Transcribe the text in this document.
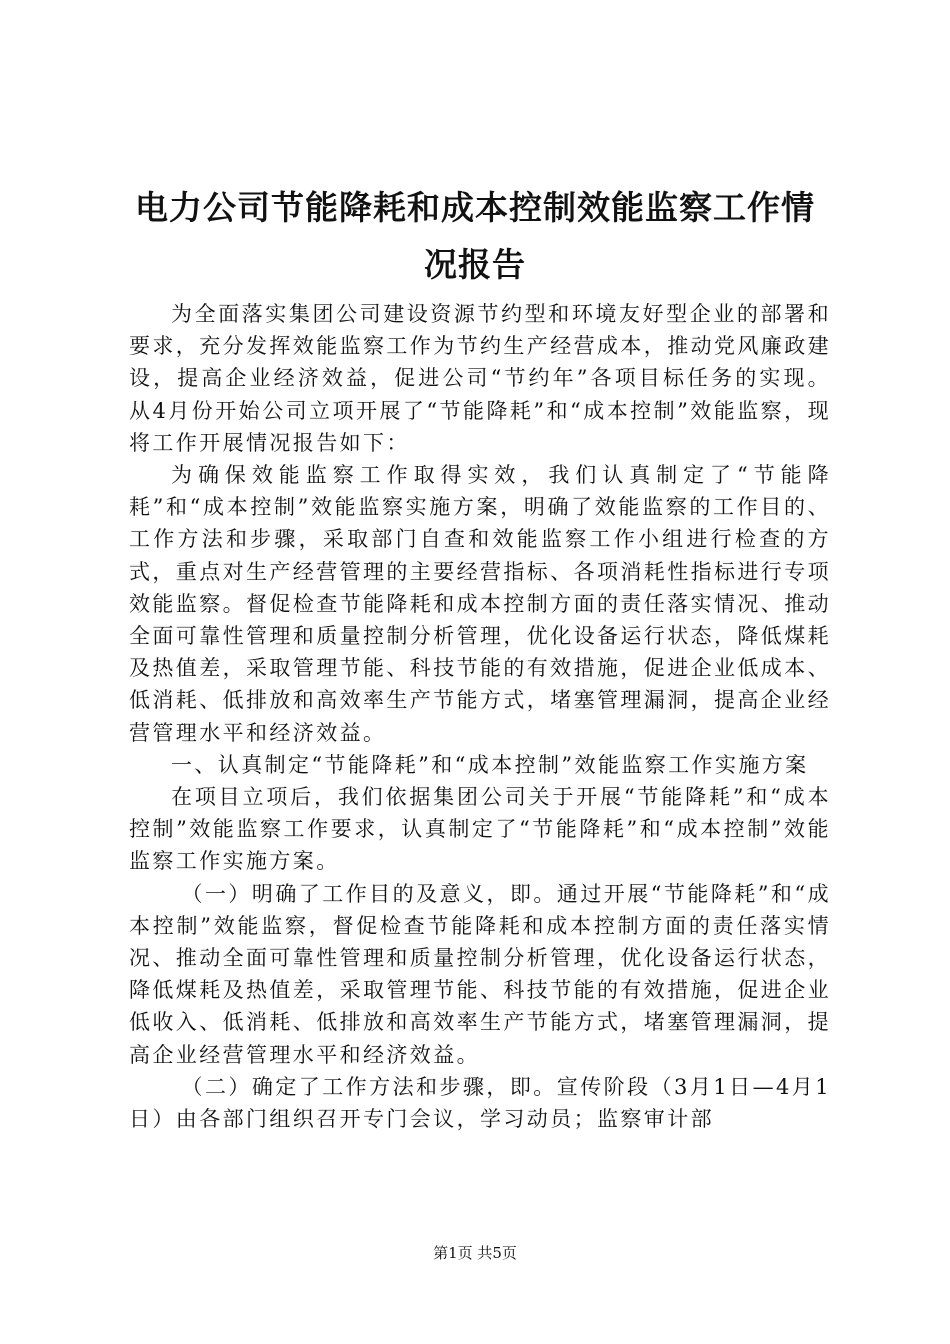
电力公司节能降耗和成本控制效能监察工作情
况报告

为全面落实集团公司建设资源节约型和环境友好型企业的部署和要求，充分发挥效能监察工作为节约生产经营成本，推动党风廉政建设，提高企业经济效益，促进公司“节约年”各项目标任务的实现。从4月份开始公司立项开展了“节能降耗”和“成本控制”效能监察，现将工作开展情况报告如下：

为确保效能监察工作取得实效，我们认真制定了“节能降耗”和“成本控制”效能监察实施方案，明确了效能监察的工作目的、工作方法和步骤，采取部门自查和效能监察工作小组进行检查的方式，重点对生产经营管理的主要经营指标、各项消耗性指标进行专项效能监察。督促检查节能降耗和成本控制方面的责任落实情况、推动全面可靠性管理和质量控制分析管理，优化设备运行状态，降低煤耗及热值差，采取管理节能、科技节能的有效措施，促进企业低成本、低消耗、低排放和高效率生产节能方式，堵塞管理漏洞，提高企业经营管理水平和经济效益。

一、认真制定“节能降耗”和“成本控制”效能监察工作实施方案

在项目立项后，我们依据集团公司关于开展“节能降耗”和“成本控制”效能监察工作要求，认真制定了“节能降耗”和“成本控制”效能监察工作实施方案。

（一）明确了工作目的及意义，即。通过开展“节能降耗”和“成本控制”效能监察，督促检查节能降耗和成本控制方面的责任落实情况、推动全面可靠性管理和质量控制分析管理，优化设备运行状态，降低煤耗及热值差，采取管理节能、科技节能的有效措施，促进企业低收入、低消耗、低排放和高效率生产节能方式，堵塞管理漏洞，提高企业经营管理水平和经济效益。

（二）确定了工作方法和步骤，即。宣传阶段（3月1日—4月1日）由各部门组织召开专门会议，学习动员；监察审计部

第1页 共5页
